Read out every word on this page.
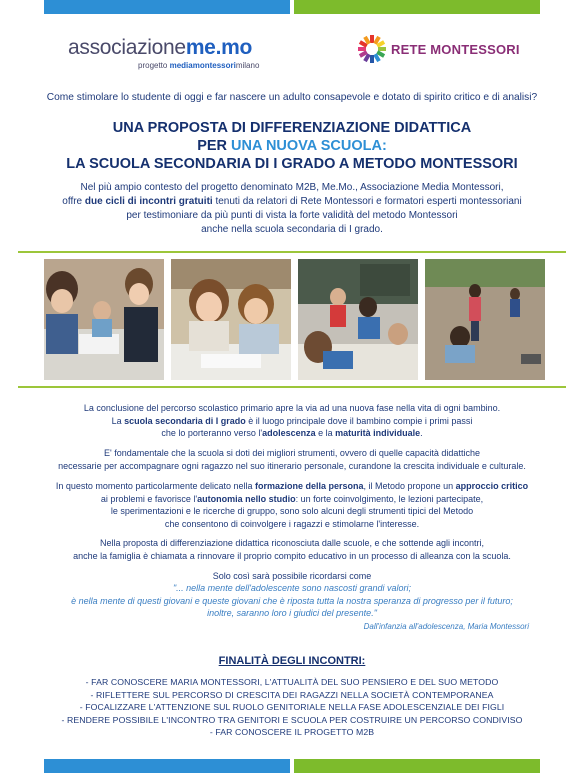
associazioneme.mo
progetto mediamontessorimilano
RETE MONTESSORI
Come stimolare lo studente di oggi e far nascere un adulto consapevole e dotato di spirito critico e di analisi?
UNA PROPOSTA DI DIFFERENZIAZIONE DIDATTICA
PER UNA NUOVA SCUOLA:
LA SCUOLA SECONDARIA DI I GRADO A METODO MONTESSORI
Nel più ampio contesto del progetto denominato M2B, Me.Mo., Associazione Media Montessori,
offre due cicli di incontri gratuiti tenuti da relatori di Rete Montessori e formatori esperti montessoriani
per testimoniare da più punti di vista la forte validità del metodo Montessori
anche nella scuola secondaria di I grado.
La conclusione del percorso scolastico primario apre la via ad una nuova fase nella vita di ogni bambino.
La scuola secondaria di I grado è il luogo principale dove il bambino compie i primi passi
che lo porteranno verso l'adolescenza e la maturità individuale.
E' fondamentale che la scuola si doti dei migliori strumenti, ovvero di quelle capacità didattiche
necessarie per accompagnare ogni ragazzo nel suo itinerario personale, curandone la crescita individuale e culturale.
In questo momento particolarmente delicato nella formazione della persona, il Metodo propone un approccio critico
ai problemi e favorisce l'autonomia nello studio: un forte coinvolgimento, le lezioni partecipate,
le sperimentazioni e le ricerche di gruppo, sono solo alcuni degli strumenti tipici del Metodo
che consentono di coinvolgere i ragazzi e stimolarne l'interesse.
Nella proposta di differenziazione didattica riconosciuta dalle scuole, e che sottende agli incontri,
anche la famiglia è chiamata a rinnovare il proprio compito educativo in un processo di alleanza con la scuola.
Solo così sarà possibile ricordarsi come
"... nella mente dell'adolescente sono nascosti grandi valori;
è nella mente di questi giovani e queste giovani che è riposta tutta la nostra speranza di progresso per il futuro;
inoltre, saranno loro i giudici del presente."
Dall'infanzia all'adolescenza, Maria Montessori
FINALITÀ DEGLI INCONTRI:
- FAR CONOSCERE MARIA MONTESSORI, L'ATTUALITÀ DEL SUO PENSIERO E DEL SUO METODO
- RIFLETTERE SUL PERCORSO DI CRESCITA DEI RAGAZZI NELLA SOCIETÀ CONTEMPORANEA
- FOCALIZZARE L'ATTENZIONE SUL RUOLO GENITORIALE NELLA FASE ADOLESCENZIALE DEI FIGLI
- RENDERE POSSIBILE L'INCONTRO TRA GENITORI E SCUOLA PER COSTRUIRE UN PERCORSO CONDIVISO
- FAR CONOSCERE IL PROGETTO M2B
